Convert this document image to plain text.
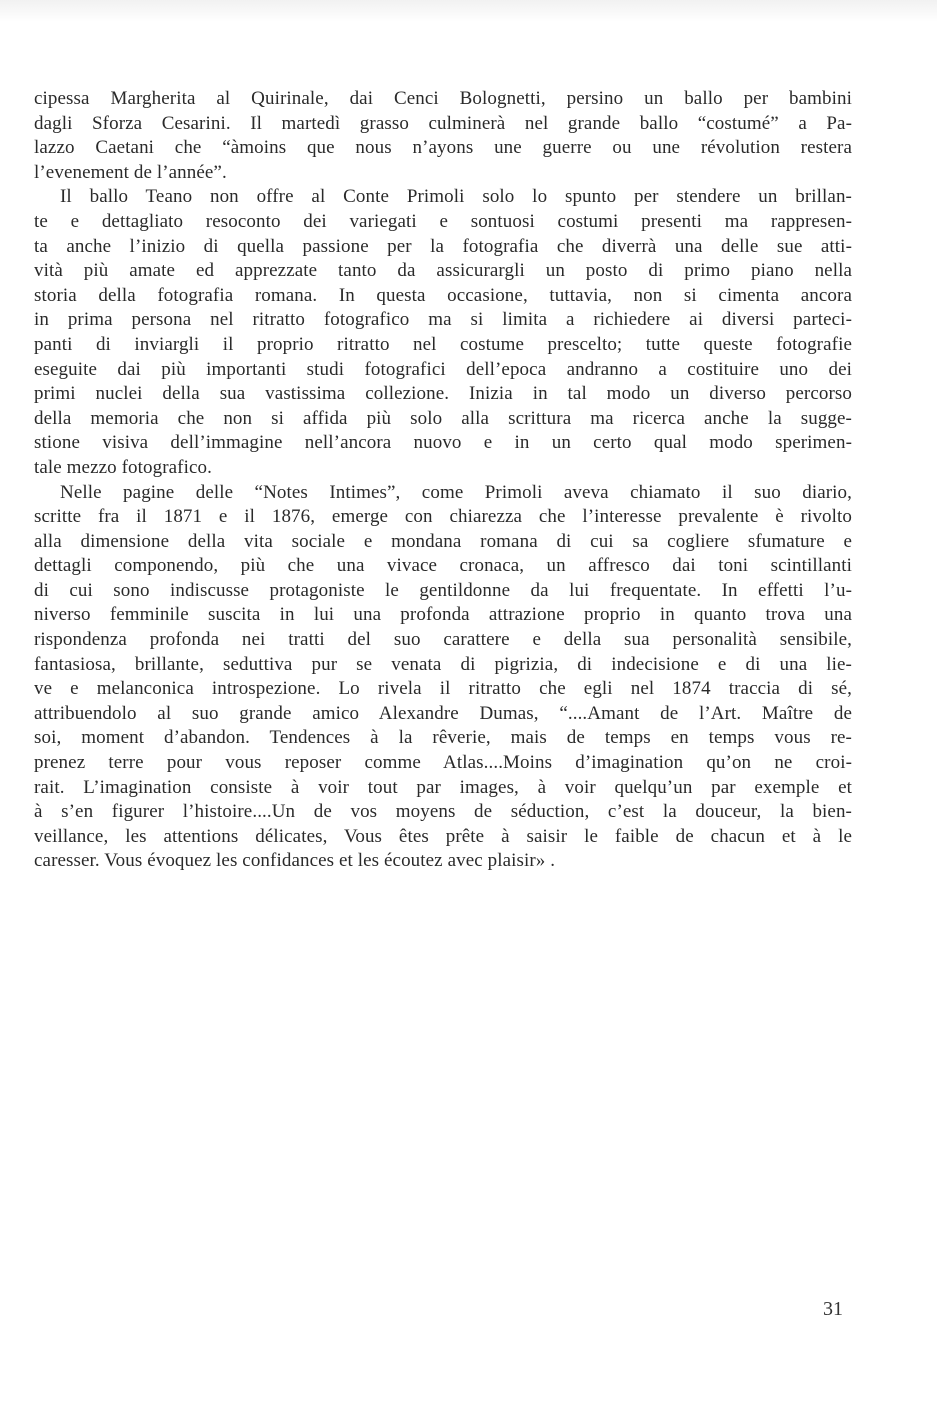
cipessa Margherita al Quirinale, dai Cenci Bolognetti, persino un ballo per bambini
dagli Sforza Cesarini. Il martedì grasso culminerà nel grande ballo “costumé” a Pa-
lazzo Caetani che “àmoins que nous n’ayons une guerre ou une révolution restera
l’evenement de l’année”.
Il ballo Teano non offre al Conte Primoli solo lo spunto per stendere un brillan-
te e dettagliato resoconto dei variegati e sontuosi costumi presenti ma rappresen-
ta anche l’inizio di quella passione per la fotografia che diverrà una delle sue atti-
vità più amate ed apprezzate tanto da assicurargli un posto di primo piano nella
storia della fotografia romana. In questa occasione, tuttavia, non si cimenta ancora
in prima persona nel ritratto fotografico ma si limita a richiedere ai diversi parteci-
panti di inviargli il proprio ritratto nel costume prescelto; tutte queste fotografie
eseguite dai più importanti studi fotografici dell’epoca andranno a costituire uno dei
primi nuclei della sua vastissima collezione. Inizia in tal modo un diverso percorso
della memoria che non si affida più solo alla scrittura ma ricerca anche la sugge-
stione visiva dell’immagine nell’ancora nuovo e in un certo qual modo sperimen-
tale mezzo fotografico.
Nelle pagine delle “Notes Intimes”, come Primoli aveva chiamato il suo diario,
scritte fra il 1871 e il 1876, emerge con chiarezza che l’interesse prevalente è rivolto
alla dimensione della vita sociale e mondana romana di cui sa cogliere sfumature e
dettagli componendo, più che una vivace cronaca, un affresco dai toni scintillanti
di cui sono indiscusse protagoniste le gentildonne da lui frequentate. In effetti l’u-
niverso femminile suscita in lui una profonda attrazione proprio in quanto trova una
rispondenza profonda nei tratti del suo carattere e della sua personalità sensibile,
fantasiosa, brillante, seduttiva pur se venata di pigrizia, di indecisione e di una lie-
ve e melanconica introspezione. Lo rivela il ritratto che egli nel 1874 traccia di sé,
attribuendolo al suo grande amico Alexandre Dumas, “....Amant de l’Art. Maître de
soi, moment d’abandon. Tendences à la rêverie, mais de temps en temps vous re-
prenez terre pour vous reposer comme Atlas....Moins d’imagination qu’on ne croi-
rait. L’imagination consiste à voir tout par images, à voir quelqu’un par exemple et
à s’en figurer l’histoire....Un de vos moyens de séduction, c’est la douceur, la bien-
veillance, les attentions délicates, Vous êtes prête à saisir le faible de chacun et à le
caresser. Vous évoquez les confidances et les écoutez avec plaisir» .
31
